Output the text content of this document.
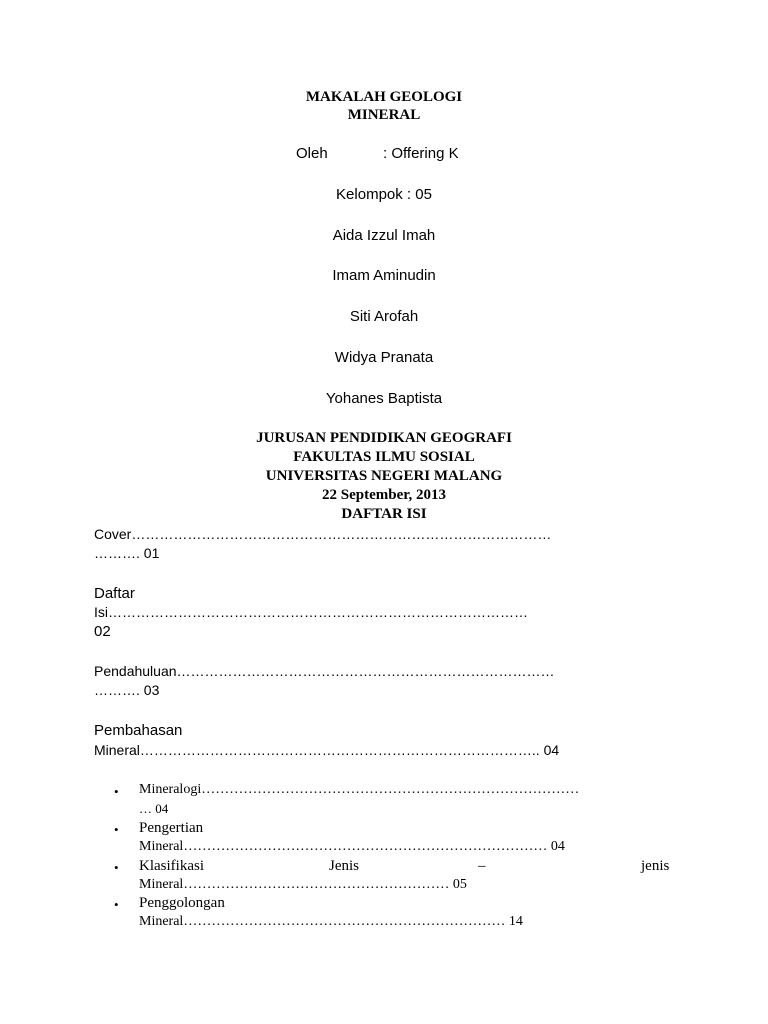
MAKALAH GEOLOGI
MINERAL
Oleh	: Offering K
Kelompok : 05
Aida Izzul Imah
Imam Aminudin
Siti Arofah
Widya Pranata
Yohanes Baptista
JURUSAN PENDIDIKAN GEOGRAFI
FAKULTAS ILMU SOSIAL
UNIVERSITAS NEGERI MALANG
22 September, 2013
DAFTAR ISI
Cover………………………………………………………………………………
………. 01
Daftar
Isi………………………………………………………………………………
02
Pendahuluan………………………………………………………………………
………. 03
Pembahasan
Mineral………………………………………………………………………….. 04
• Mineralogi………………………………………………………………………
… 04
• Pengertian
Mineral…………………………………………………………………… 04
• Klasifikasi	Jenis	–	jenis
Mineral………………………………………………… 05
• Penggolongan
Mineral…………………………………………………………… 14
